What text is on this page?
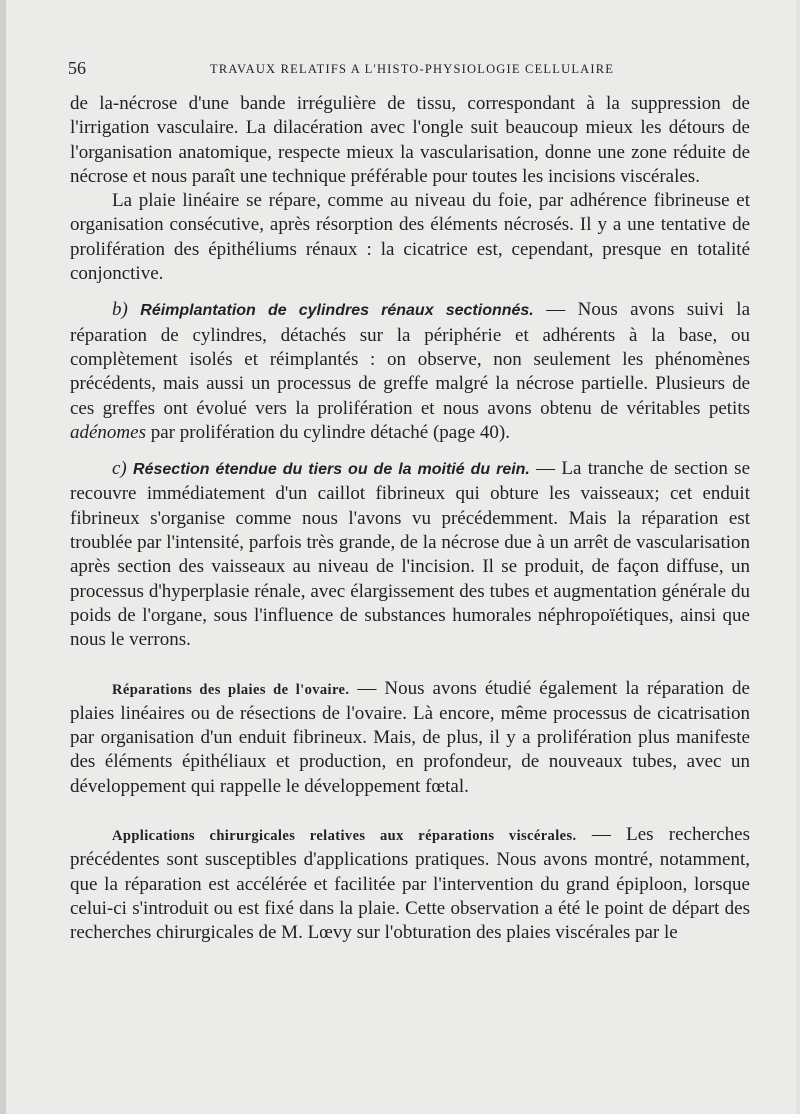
56	TRAVAUX RELATIFS A L'HISTO-PHYSIOLOGIE CELLULAIRE

de la-nécrose d'une bande irrégulière de tissu, correspondant à la suppression de l'irrigation vasculaire. La dilacération avec l'ongle suit beaucoup mieux les détours de l'organisation anatomique, respecte mieux la vascularisation, donne une zone réduite de nécrose et nous paraît une technique préférable pour toutes les incisions viscérales.

La plaie linéaire se répare, comme au niveau du foie, par adhérence fibrineuse et organisation consécutive, après résorption des éléments nécrosés. Il y a une tentative de prolifération des épithéliums rénaux : la cicatrice est, cependant, presque en totalité conjonctive.

b) Réimplantation de cylindres rénaux sectionnés. — Nous avons suivi la réparation de cylindres, détachés sur la périphérie et adhérents à la base, ou complètement isolés et réimplantés : on observe, non seulement les phénomènes précédents, mais aussi un processus de greffe malgré la nécrose partielle. Plusieurs de ces greffes ont évolué vers la prolifération et nous avons obtenu de véritables petits adénomes par prolifération du cylindre détaché (page 40).

c) Résection étendue du tiers ou de la moitié du rein. — La tranche de section se recouvre immédiatement d'un caillot fibrineux qui obture les vaisseaux; cet enduit fibrineux s'organise comme nous l'avons vu précédemment. Mais la réparation est troublée par l'intensité, parfois très grande, de la nécrose due à un arrêt de vascularisation après section des vaisseaux au niveau de l'incision. Il se produit, de façon diffuse, un processus d'hyperplasie rénale, avec élargissement des tubes et augmentation générale du poids de l'organe, sous l'influence de substances humorales néphropoïétiques, ainsi que nous le verrons.

Réparations des plaies de l'ovaire. — Nous avons étudié également la réparation de plaies linéaires ou de résections de l'ovaire. Là encore, même processus de cicatrisation par organisation d'un enduit fibrineux. Mais, de plus, il y a prolifération plus manifeste des éléments épithéliaux et production, en profondeur, de nouveaux tubes, avec un développement qui rappelle le développement fœtal.

Applications chirurgicales relatives aux réparations viscérales. — Les recherches précédentes sont susceptibles d'applications pratiques. Nous avons montré, notamment, que la réparation est accélérée et facilitée par l'intervention du grand épiploon, lorsque celui-ci s'introduit ou est fixé dans la plaie. Cette observation a été le point de départ des recherches chirurgicales de M. Lœvy sur l'obturation des plaies viscérales par le
